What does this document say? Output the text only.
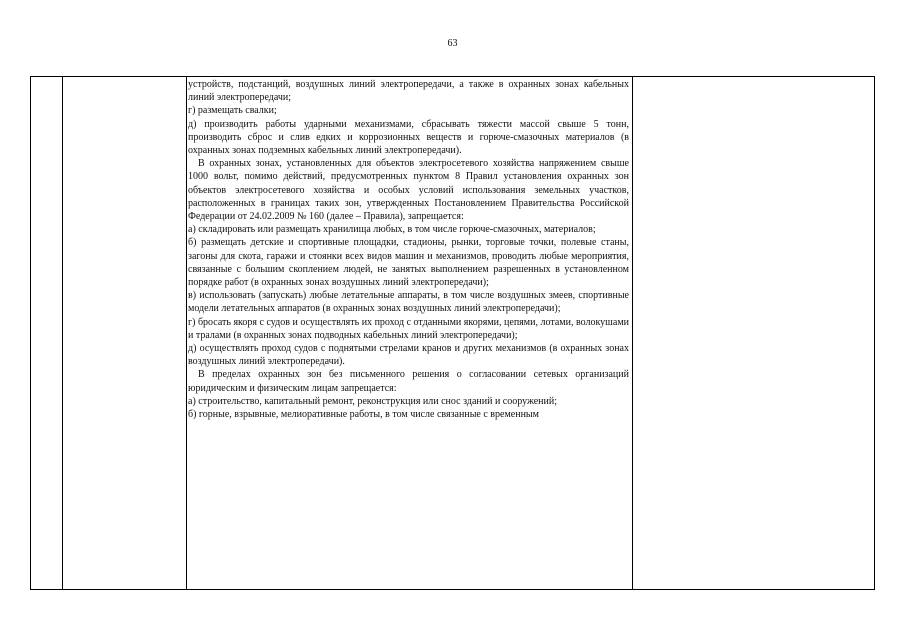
63

устройств, подстанций, воздушных линий электропередачи, а также в охранных зонах кабельных линий электропередачи;

г) размещать свалки;

д) производить работы ударными механизмами, сбрасывать тяжести массой свыше 5 тонн, производить сброс и слив едких и коррозионных веществ и горюче-смазочных материалов (в охранных зонах подземных кабельных линий электропередачи).

В охранных зонах, установленных для объектов электросетевого хозяйства напряжением свыше 1000 вольт, помимо действий, предусмотренных пунктом 8 Правил установления охранных зон объектов электросетевого хозяйства и особых условий использования земельных участков, расположенных в границах таких зон, утвержденных Постановлением Правительства Российской Федерации от 24.02.2009 № 160 (далее – Правила), запрещается:

а) складировать или размещать хранилища любых, в том числе горюче-смазочных, материалов;

б) размещать детские и спортивные площадки, стадионы, рынки, торговые точки, полевые станы, загоны для скота, гаражи и стоянки всех видов машин и механизмов, проводить любые мероприятия, связанные с большим скоплением людей, не занятых выполнением разрешенных в установленном порядке работ (в охранных зонах воздушных линий электропередачи);

в) использовать (запускать) любые летательные аппараты, в том числе воздушных змеев, спортивные модели летательных аппаратов (в охранных зонах воздушных линий электропередачи);

г) бросать якоря с судов и осуществлять их проход с отданными якорями, цепями, лотами, волокушами и тралами (в охранных зонах подводных кабельных линий электропередачи);

д) осуществлять проход судов с поднятыми стрелами кранов и других механизмов (в охранных зонах воздушных линий электропередачи).

В пределах охранных зон без письменного решения о согласовании сетевых организаций юридическим и физическим лицам запрещается:

а) строительство, капитальный ремонт, реконструкция или снос зданий и сооружений;

б) горные, взрывные, мелиоративные работы, в том числе связанные с временным
